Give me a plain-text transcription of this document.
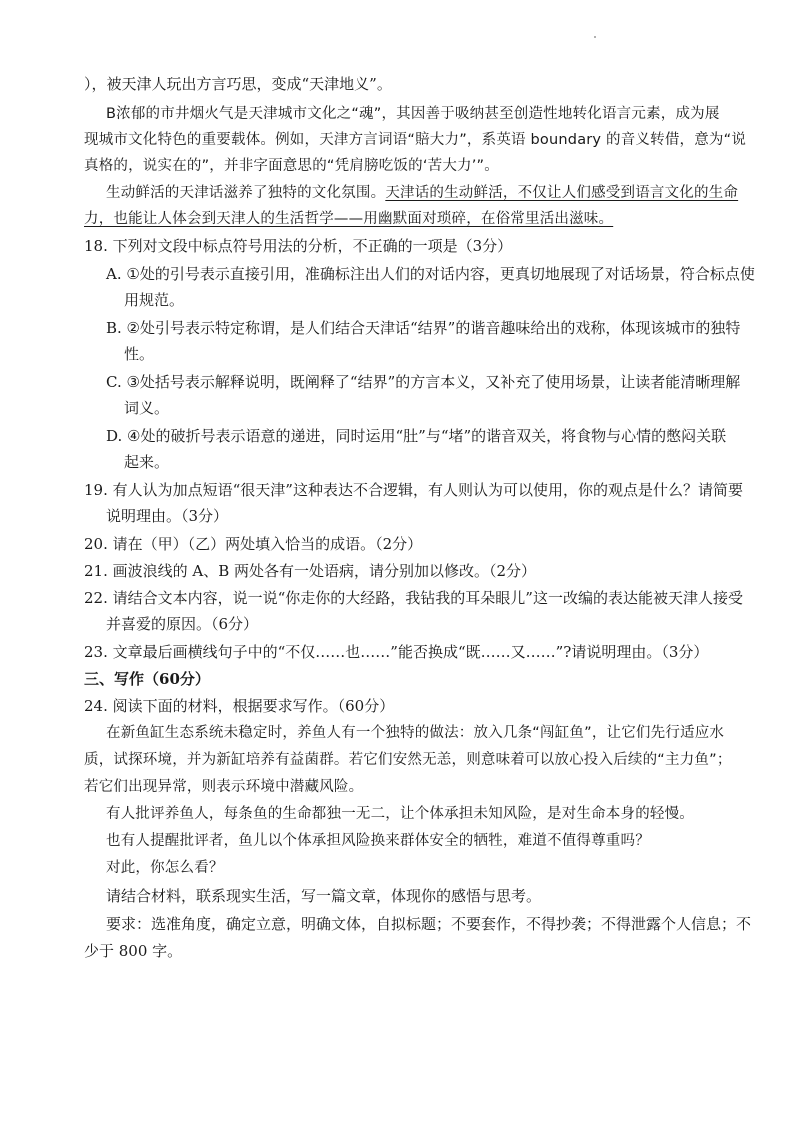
），被天津人玩出方言巧思，变成“天津地义”。
B浓郁的市井烟火气是天津城市文化之“魂”，其因善于吸纳甚至创造性地转化语言元素，成为展
现城市文化特色的重要载体。例如，天津方言词语“賠大力”，系英语 boundary 的音义转借，意为“说
真格的，说实在的”，并非字面意思的“凭肩膀吃饭的‘苦大力’”。
生动鲜活的天津话滋养了独特的文化氛围。天津话的生动鲜活，不仅让人们感受到语言文化的生命
力，也能让人体会到天津人的生活哲学——用幽默面对琐碎，在俗常里活出滋味。
18. 下列对文段中标点符号用法的分析，不正确的一项是（3分）
A. ①处的引号表示直接引用，准确标注出人们的对话内容，更真切地展现了对话场景，符合标点使
用规范。
B. ②处引号表示特定称谓，是人们结合天津话“结界”的谐音趣味给出的戏称，体现该城市的独特
性。
C. ③处括号表示解释说明，既阐释了“结界”的方言本义，又补充了使用场景，让读者能清晰理解
词义。
D. ④处的破折号表示语意的递进，同时运用“肚”与“堵”的谐音双关，将食物与心情的憋闷关联
起来。
19. 有人认为加点短语“很天津”这种表达不合逻辑，有人则认为可以使用，你的观点是什么？请简要
说明理由。（3分）
20. 请在（甲）（乙）两处填入恰当的成语。（2分）
21. 画波浪线的 A、B 两处各有一处语病，请分别加以修改。（2分）
22. 请结合文本内容，说一说“你走你的大经路，我钻我的耳朵眼儿”这一改编的表达能被天津人接受
并喜爱的原因。（6分）
23. 文章最后画横线句子中的“不仅……也……”能否换成“既……又……”?请说明理由。（3分）
三、写作（60分）
24. 阅读下面的材料，根据要求写作。（60分）
在新鱼缸生态系统未稳定时，养鱼人有一个独特的做法：放入几条“闯缸鱼”，让它们先行适应水
质，试探环境，并为新缸培养有益菌群。若它们安然无恙，则意味着可以放心投入后续的“主力鱼”；
若它们出现异常，则表示环境中潜藏风险。
有人批评养鱼人，每条鱼的生命都独一无二，让个体承担未知风险，是对生命本身的轻慢。
也有人提醒批评者，鱼儿以个体承担风险换来群体安全的牺牲，难道不值得尊重吗？
对此，你怎么看？
请结合材料，联系现实生活，写一篇文章，体现你的感悟与思考。
要求：选准角度，确定立意，明确文体，自拟标题；不要套作，不得抄袭；不得泄露个人信息；不
少于 800 字。
